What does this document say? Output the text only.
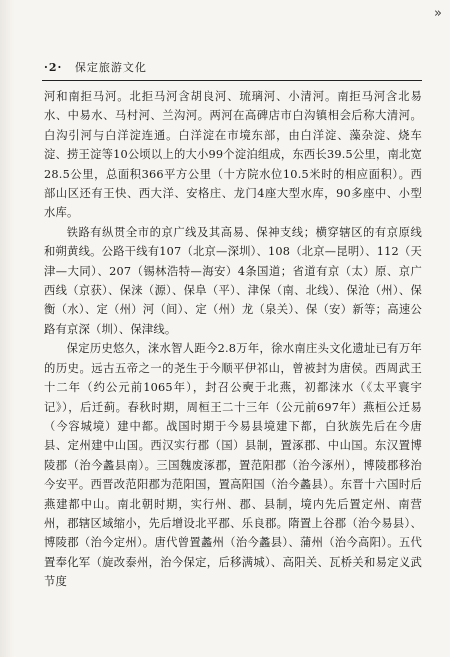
»
·2· 保定旅游文化

河和南拒马河。北拒马河含胡良河、琉璃河、小清河。南拒马河含北易水、中易水、马村河、兰沟河。两河在高碑店市白沟镇相会后称大清河。白沟引河与白洋淀连通。白洋淀在市境东部，由白洋淀、藻杂淀、烧车淀、捞王淀等10公顷以上的大小99个淀泊组成，东西长39.5公里，南北宽28.5公里，总面积366平方公里（十方院水位10.5米时的相应面积）。西部山区还有王快、西大洋、安格庄、龙门4座大型水库，90多座中、小型水库。

铁路有纵贯全市的京广线及其高易、保神支线；横穿辖区的有京原线和朔黄线。公路干线有107（北京—深圳）、108（北京—昆明）、112（天津—大同）、207（锡林浩特—海安）4条国道；省道有京（太）原、京广西线（京获）、保涞（源）、保阜（平）、津保（南、北线）、保沧（州）、保衡（水）、定（州）河（间）、定（州）龙（泉关）、保（安）新等；高速公路有京深（圳）、保津线。

保定历史悠久，涞水智人距今2.8万年，徐水南庄头文化遗址已有万年的历史。远古五帝之一的尧生于今顺平伊祁山，曾被封为唐侯。西周武王十二年（约公元前1065年），封召公奭于北燕，初都涞水（《太平寰宇记》），后迁蓟。春秋时期，周桓王二十三年（公元前697年）燕桓公迁易（今容城境）建中都。战国时期于今易县境建下都，白狄族先后在今唐县、定州建中山国。西汉实行郡（国）县制，置涿郡、中山国。东汉置博陵郡（治今蠡县南）。三国魏废涿郡，置范阳郡（治今涿州），博陵郡移治今安平。西晋改范阳郡为范阳国，置高阳国（治今蠡县）。东晋十六国时后燕建都中山。南北朝时期，实行州、郡、县制，境内先后置定州、南营州，郡辖区域缩小，先后增设北平郡、乐良郡。隋置上谷郡（治今易县）、博陵郡（治今定州）。唐代曾置蠡州（治今蠡县）、蒲州（治今高阳）。五代置奉化军（旋改泰州，治今保定，后移满城）、高阳关、瓦桥关和易定义武节度
